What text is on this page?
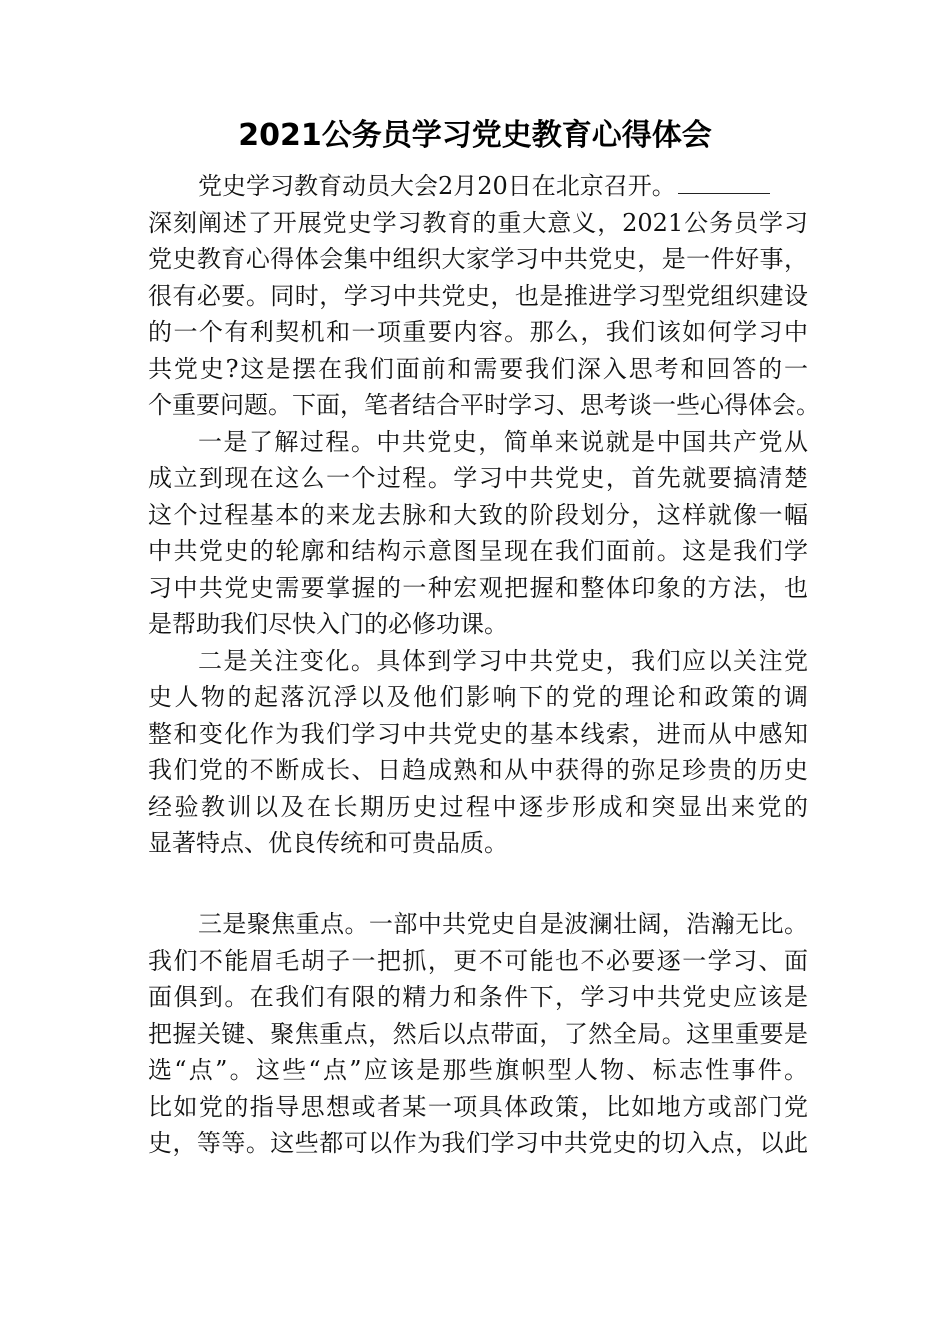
2021公务员学习党史教育心得体会
党史学习教育动员大会2月20日在北京召开。
深刻阐述了开展党史学习教育的重大意义，2021公务员学习
党史教育心得体会集中组织大家学习中共党史，是一件好事，
很有必要。同时，学习中共党史，也是推进学习型党组织建设
的一个有利契机和一项重要内容。那么，我们该如何学习中
共党史?这是摆在我们面前和需要我们深入思考和回答的一
个重要问题。下面，笔者结合平时学习、思考谈一些心得体会。
一是了解过程。中共党史，简单来说就是中国共产党从
成立到现在这么一个过程。学习中共党史，首先就要搞清楚
这个过程基本的来龙去脉和大致的阶段划分，这样就像一幅
中共党史的轮廓和结构示意图呈现在我们面前。这是我们学
习中共党史需要掌握的一种宏观把握和整体印象的方法，也
是帮助我们尽快入门的必修功课。
二是关注变化。具体到学习中共党史，我们应以关注党
史人物的起落沉浮以及他们影响下的党的理论和政策的调
整和变化作为我们学习中共党史的基本线索，进而从中感知
我们党的不断成长、日趋成熟和从中获得的弥足珍贵的历史
经验教训以及在长期历史过程中逐步形成和突显出来党的
显著特点、优良传统和可贵品质。
三是聚焦重点。一部中共党史自是波澜壮阔，浩瀚无比。
我们不能眉毛胡子一把抓，更不可能也不必要逐一学习、面
面俱到。在我们有限的精力和条件下，学习中共党史应该是
把握关键、聚焦重点，然后以点带面，了然全局。这里重要是
选“点”。这些“点”应该是那些旗帜型人物、标志性事件。
比如党的指导思想或者某一项具体政策，比如地方或部门党
史，等等。这些都可以作为我们学习中共党史的切入点，以此
